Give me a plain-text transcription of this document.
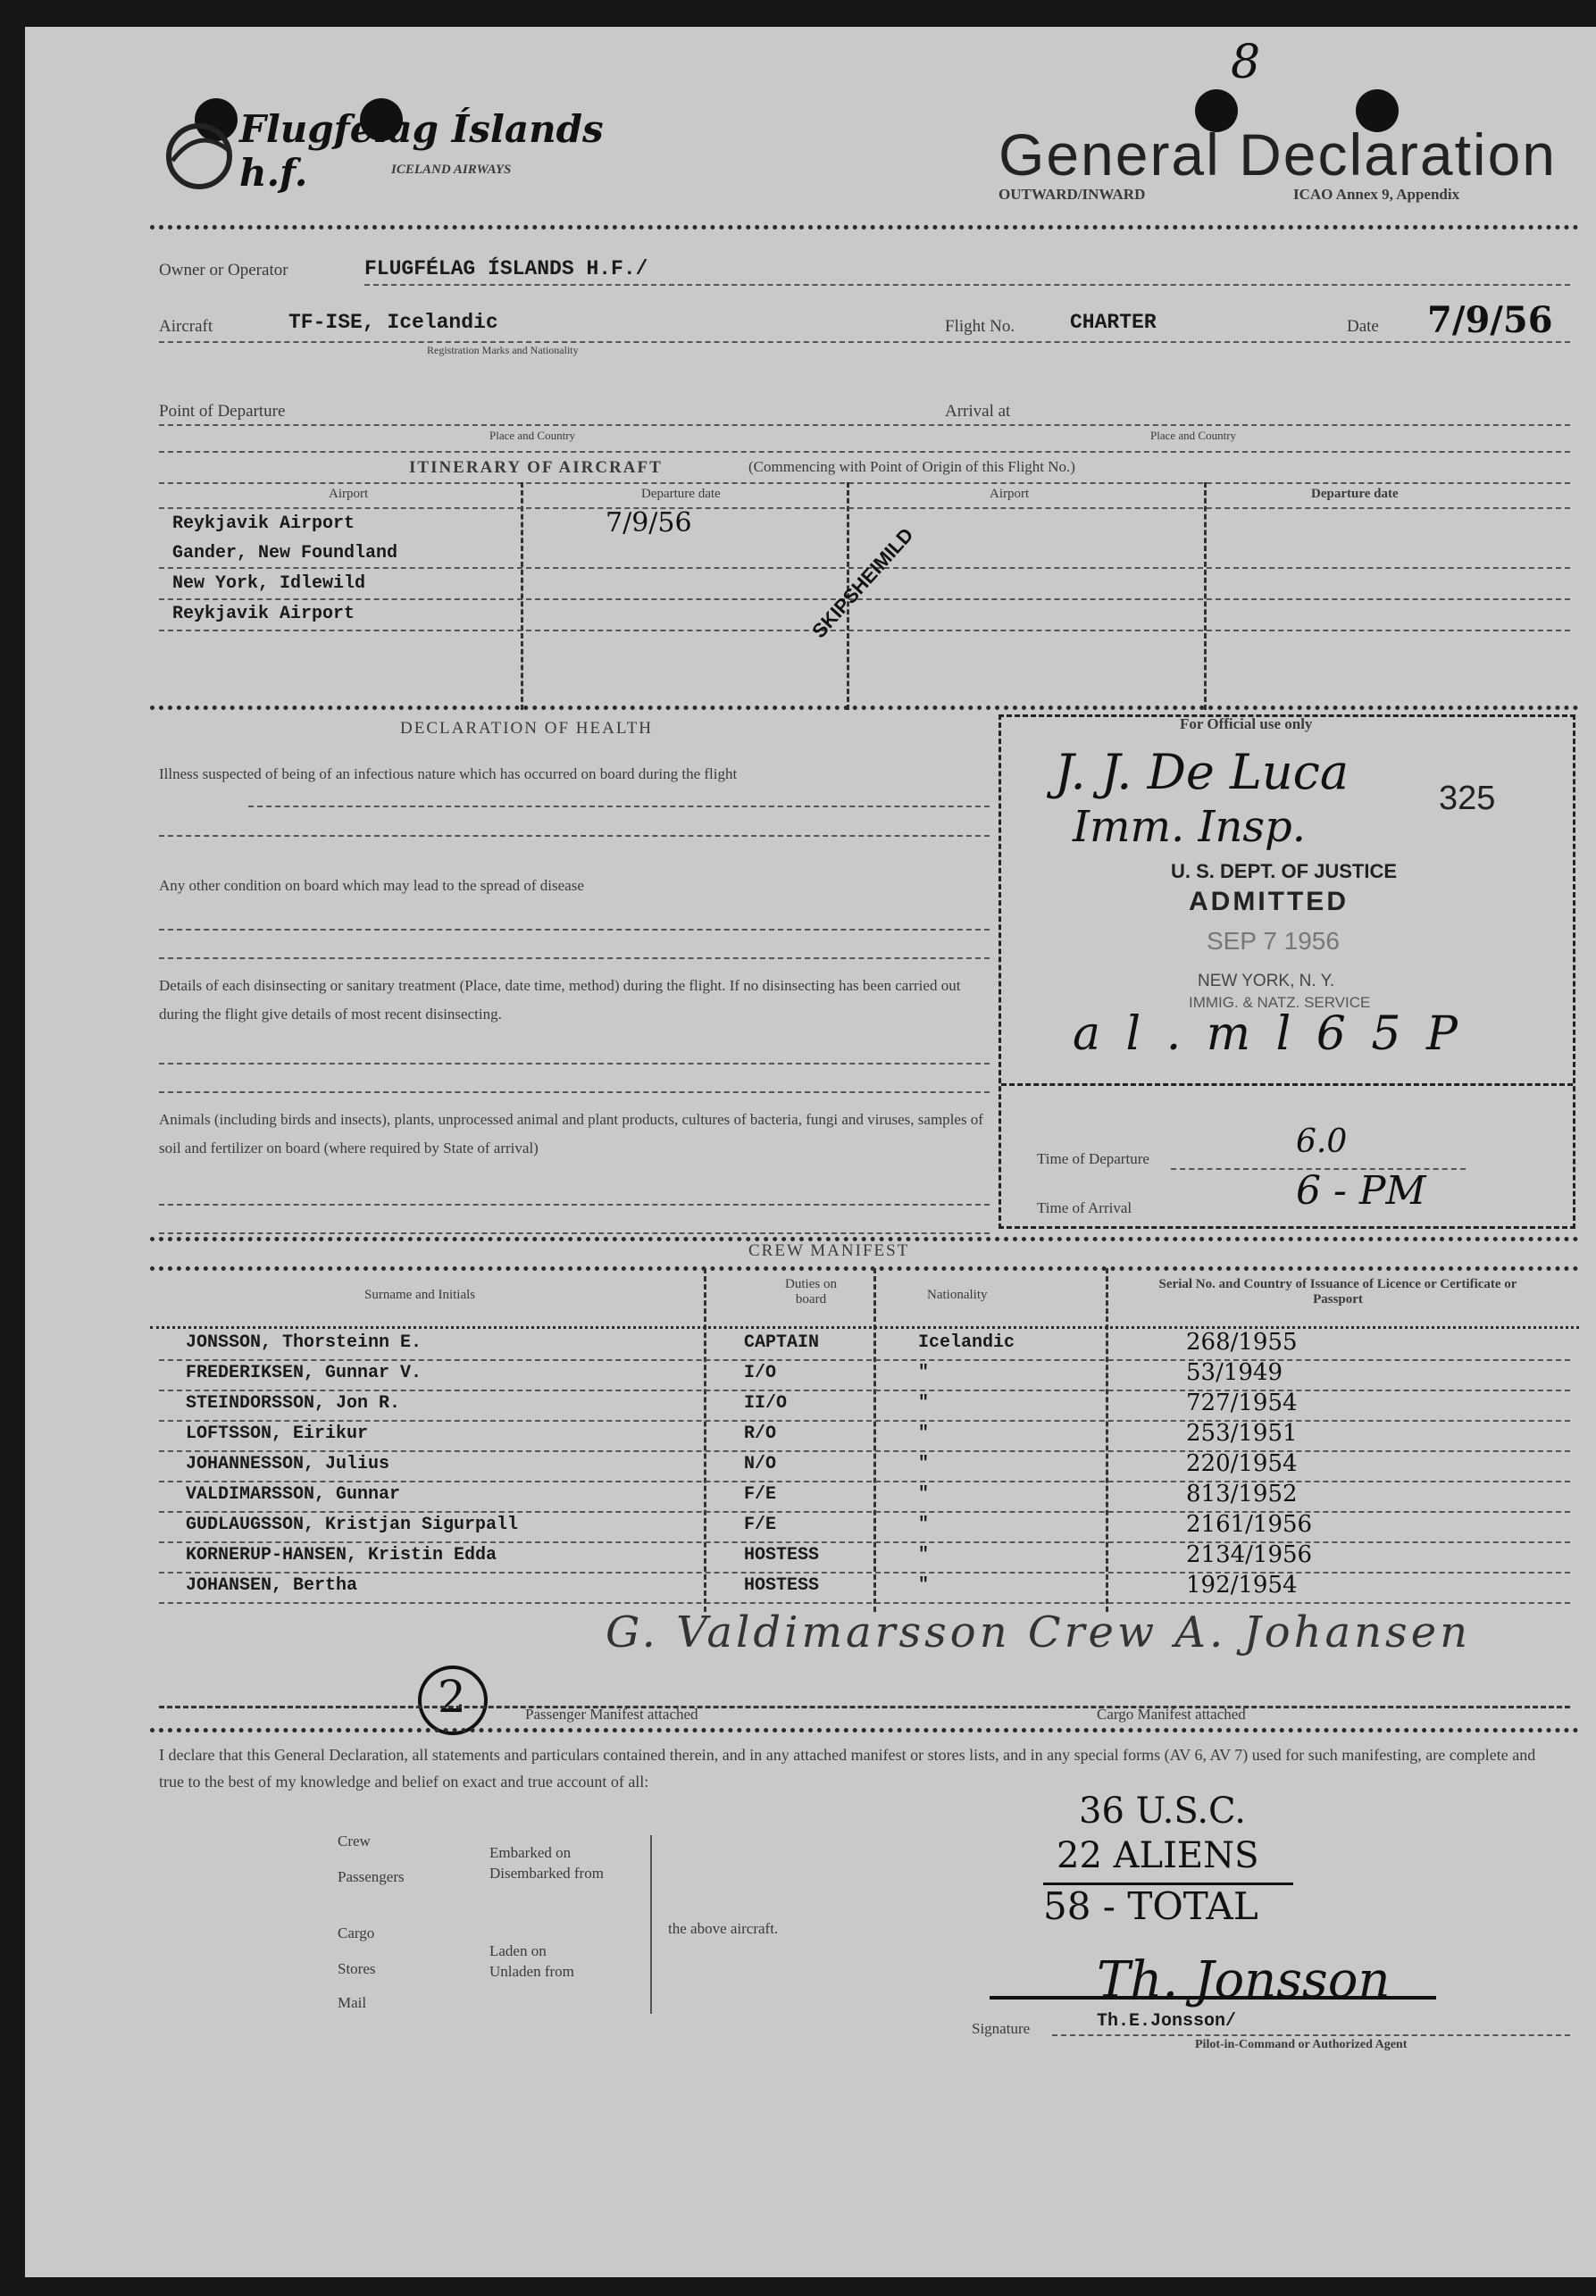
Flugfélag Íslands h.f.	ICELAND AIRWAYS
8
General Declaration
OUTWARD/INWARD	ICAO Annex 9, Appendix
Owner or Operator	FLUGFÉLAG ÍSLANDS H.F./
Aircraft	TF-ISE, Icelandic
Registration Marks and Nationality
Flight No.	CHARTER	Date 7/9/56
Point of Departure
Place and Country
Arrival at
Place and Country
ITINERARY OF AIRCRAFT	(Commencing with Point of Origin of this Flight No.)
Airport	Departure date	Airport	Departure date
Reykjavik Airport	7/9/56
Gander, New Foundland
New York, Idlewild
Reykjavik Airport	SKIPSHEIMILD
DECLARATION OF HEALTH
Illness suspected of being of an infectious nature which has occurred on board during the flight
Any other condition on board which may lead to the spread of disease
Details of each disinsecting or sanitary treatment (Place, date time, method) during the flight. If no disinsecting has been carried out during the flight give details of most recent disinsecting.
Animals (including birds and insects), plants, unprocessed animal and plant products, cultures of bacteria, fungi and viruses, samples of soil and fertilizer on board (where required by State of arrival)
For Official use only
J. J. De Luca
Imm. Insp.
325
U. S. DEPT. OF JUSTICE
ADMITTED
SEP 7 1956
NEW YORK, N. Y.
IMMIG. & NATZ. SERVICE
a l . m l 6 5 P
Time of Departure	6.0
Time of Arrival	6 - PM
CREW MANIFEST
Surname and Initials
Duties on board	Nationality
Serial No. and Country of Issuance of Licence or Certificate or Passport
JONSSON, Thorsteinn E.	CAPTAIN	Icelandic	268/1955
FREDERIKSEN, Gunnar V.	I/O	"	53/1949
STEINDORSSON, Jon R.	II/O	"	727/1954
LOFTSSON, Eirikur	R/O	"	253/1951
JOHANNESSON, Julius	N/O	"	220/1954
VALDIMARSSON, Gunnar	F/E	"	813/1952
GUDLAUGSSON, Kristjan Sigurpall	F/E	"	2161/1956
KORNERUP-HANSEN, Kristin Edda	HOSTESS	"	2134/1956
JOHANSEN, Bertha	HOSTESS	"	192/1954
G. Valdimarsson Crew A. Johansen
2	Passenger Manifest attached	Cargo Manifest attached
I declare that this General Declaration, all statements and particulars contained therein, and in any attached manifest or stores lists, and in any special forms (AV 6, AV 7) used for such manifesting, are complete and true to the best of my knowledge and belief on exact and true account of all:
Crew
Passengers
Embarked on
Disembarked from
Cargo
Stores
Mail
Laden on
Unladen from
the above aircraft.
36 U.S.C.
22 ALIENS
58 - TOTAL
Th. Jonsson
Signature	Th.E.Jonsson/
Pilot-in-Command or Authorized Agent
